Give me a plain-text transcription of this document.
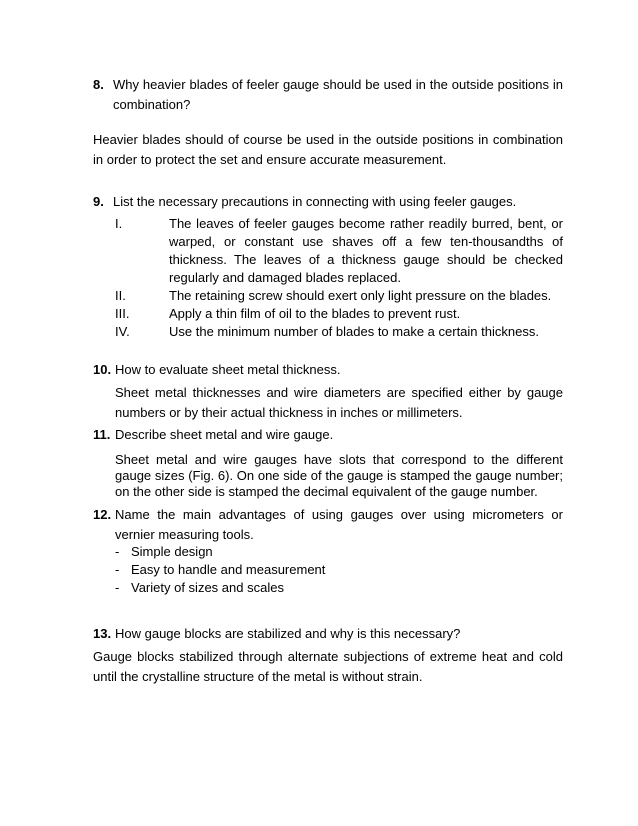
8. Why heavier blades of feeler gauge should be used in the outside positions in combination?
Heavier blades should of course be used in the outside positions in combination in order to protect the set and ensure accurate measurement.
9. List the necessary precautions in connecting with using feeler gauges.
I.	The leaves of feeler gauges become rather readily burred, bent, or warped, or constant use shaves off a few ten-thousandths of thickness. The leaves of a thickness gauge should be checked regularly and damaged blades replaced.
II.	The retaining screw should exert only light pressure on the blades.
III.	Apply a thin film of oil to the blades to prevent rust.
IV.	Use the minimum number of blades to make a certain thickness.
10. How to evaluate sheet metal thickness.
Sheet metal thicknesses and wire diameters are specified either by gauge numbers or by their actual thickness in inches or millimeters.
11. Describe sheet metal and wire gauge.
Sheet metal and wire gauges have slots that correspond to the different gauge sizes (Fig. 6). On one side of the gauge is stamped the gauge number; on the other side is stamped the decimal equivalent of the gauge number.
12. Name the main advantages of using gauges over using micrometers or vernier measuring tools.
- Simple design
- Easy to handle and measurement
- Variety of sizes and scales
13. How gauge blocks are stabilized and why is this necessary?
Gauge blocks stabilized through alternate subjections of extreme heat and cold until the crystalline structure of the metal is without strain.
